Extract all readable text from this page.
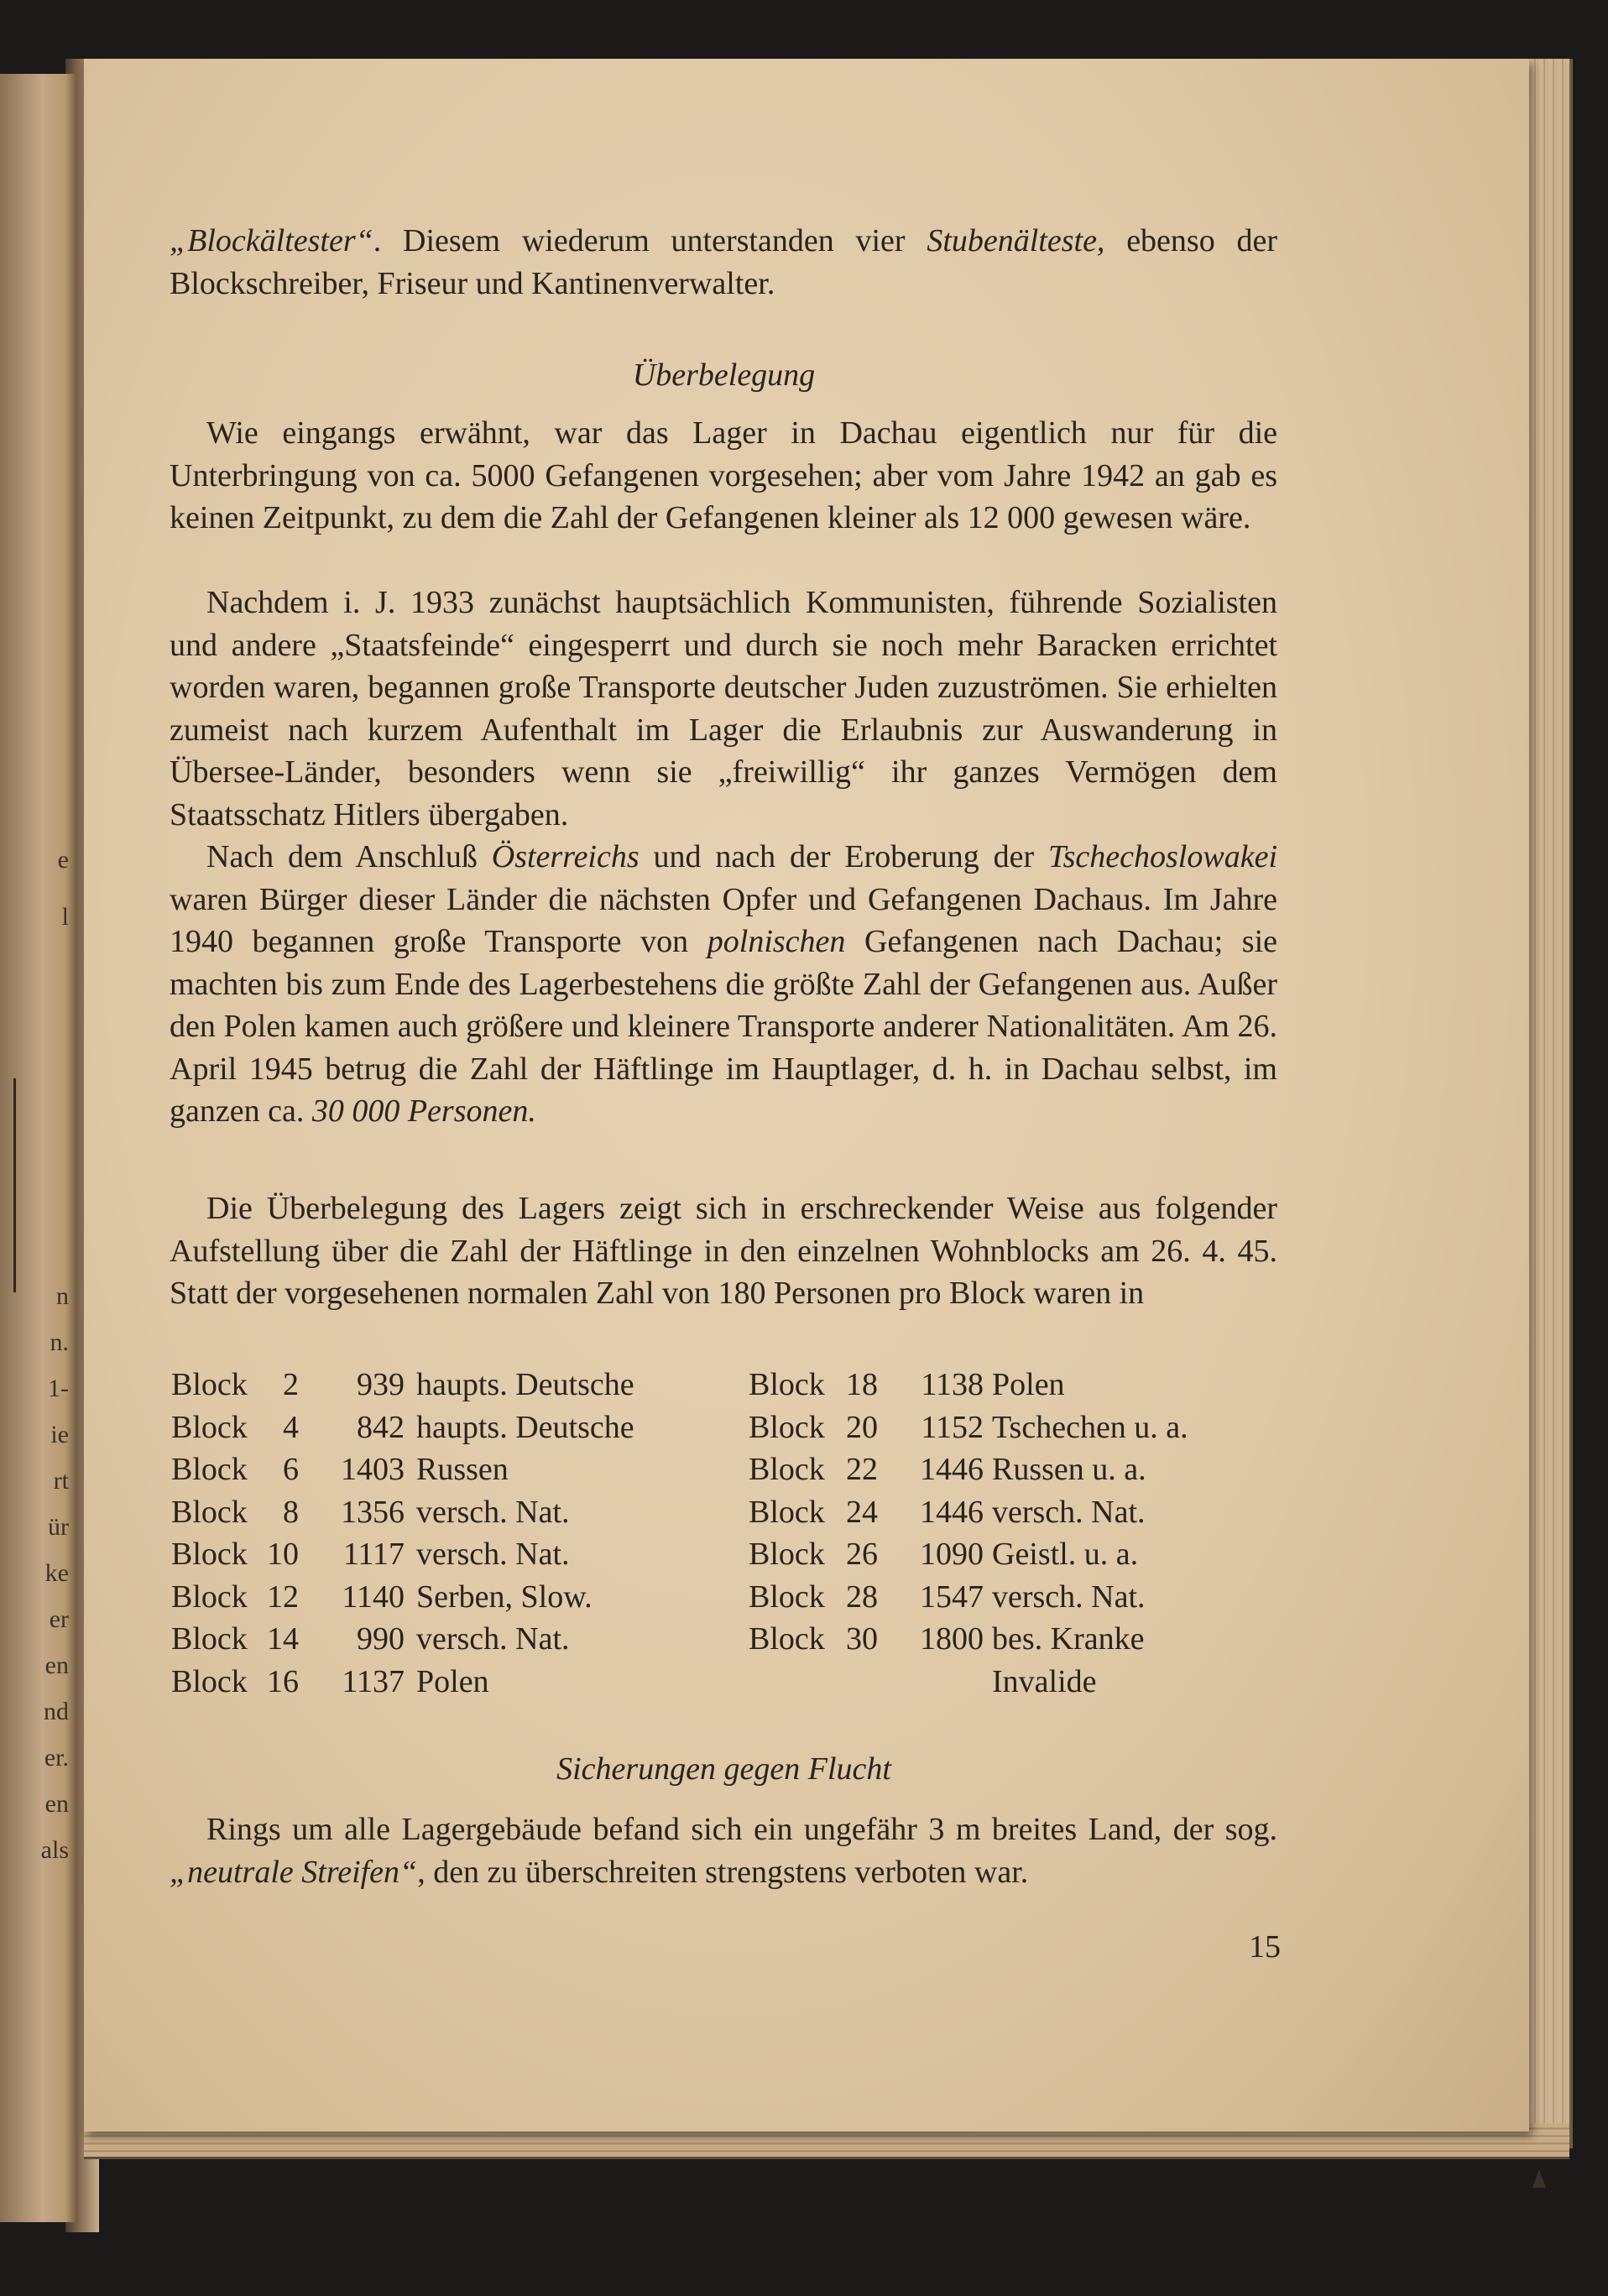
e
l
n
n.
1-
ie
rt
ür
ke
er
en
nd
er.
en
als

„Blockältester“. Diesem wiederum unterstanden vier Stubenälteste, ebenso der Blockschreiber, Friseur und Kantinenverwalter.

Überbelegung

Wie eingangs erwähnt, war das Lager in Dachau eigentlich nur für die Unterbringung von ca. 5000 Gefangenen vorgesehen; aber vom Jahre 1942 an gab es keinen Zeitpunkt, zu dem die Zahl der Gefangenen kleiner als 12 000 gewesen wäre.

Nachdem i. J. 1933 zunächst hauptsächlich Kommunisten, führende Sozialisten und andere „Staatsfeinde“ eingesperrt und durch sie noch mehr Baracken errichtet worden waren, begannen große Transporte deutscher Juden zuzuströmen. Sie erhielten zumeist nach kurzem Aufenthalt im Lager die Erlaubnis zur Auswanderung in Übersee-Länder, besonders wenn sie „freiwillig“ ihr ganzes Vermögen dem Staatsschatz Hitlers übergaben.

Nach dem Anschluß Österreichs und nach der Eroberung der Tschechoslowakei waren Bürger dieser Länder die nächsten Opfer und Gefangenen Dachaus. Im Jahre 1940 begannen große Transporte von polnischen Gefangenen nach Dachau; sie machten bis zum Ende des Lagerbestehens die größte Zahl der Gefangenen aus. Außer den Polen kamen auch größere und kleinere Transporte anderer Nationalitäten. Am 26. April 1945 betrug die Zahl der Häftlinge im Hauptlager, d. h. in Dachau selbst, im ganzen ca. 30 000 Personen.

Die Überbelegung des Lagers zeigt sich in erschreckender Weise aus folgender Aufstellung über die Zahl der Häftlinge in den einzelnen Wohnblocks am 26. 4. 45. Statt der vorgesehenen normalen Zahl von 180 Personen pro Block waren in

Block	2	939 haupts. Deutsche
Block	4	842 haupts. Deutsche
Block	6	1403 Russen
Block	8	1356 versch. Nat.
Block 10	1117 versch. Nat.
Block 12	1140 Serben, Slow.
Block 14	990 versch. Nat.
Block 16	1137 Polen
Block 18	1138 Polen
Block 20	1152 Tschechen u. a.
Block 22	1446 Russen u. a.
Block 24	1446 versch. Nat.
Block 26	1090 Geistl. u. a.
Block 28	1547 versch. Nat.
Block 30	1800 bes. Kranke
Invalide

Sicherungen gegen Flucht

Rings um alle Lagergebäude befand sich ein ungefähr 3 m breites Land, der sog. „neutrale Streifen“, den zu überschreiten strengstens verboten war.

15
